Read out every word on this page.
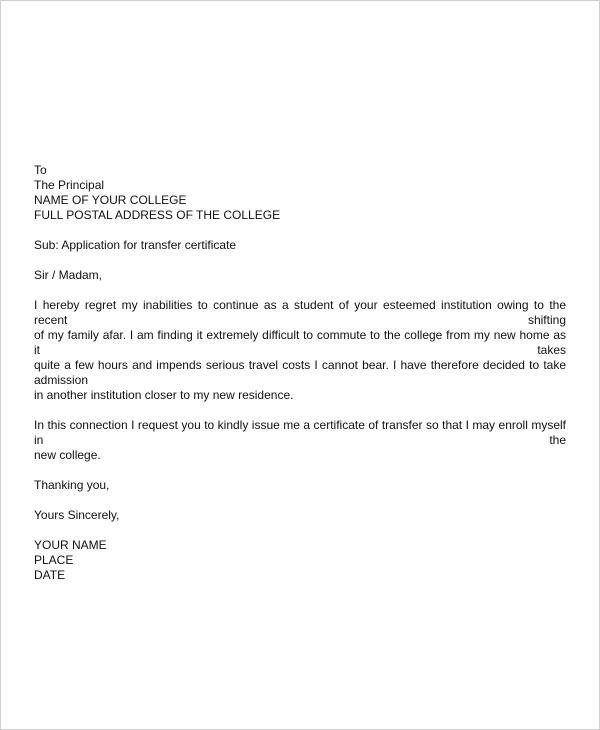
To
The Principal
NAME OF YOUR COLLEGE
FULL POSTAL ADDRESS OF THE COLLEGE
Sub: Application for transfer certificate
Sir / Madam,
I hereby regret my inabilities to continue as a student of your esteemed institution owing to the recent shifting
of my family afar. I am finding it extremely difficult to commute to the college from my new home as it takes
quite a few hours and impends serious travel costs I cannot bear. I have therefore decided to take admission
in another institution closer to my new residence.
In this connection I request you to kindly issue me a certificate of transfer so that I may enroll myself in the
new college.
Thanking you,
Yours Sincerely,
YOUR NAME
PLACE
DATE
